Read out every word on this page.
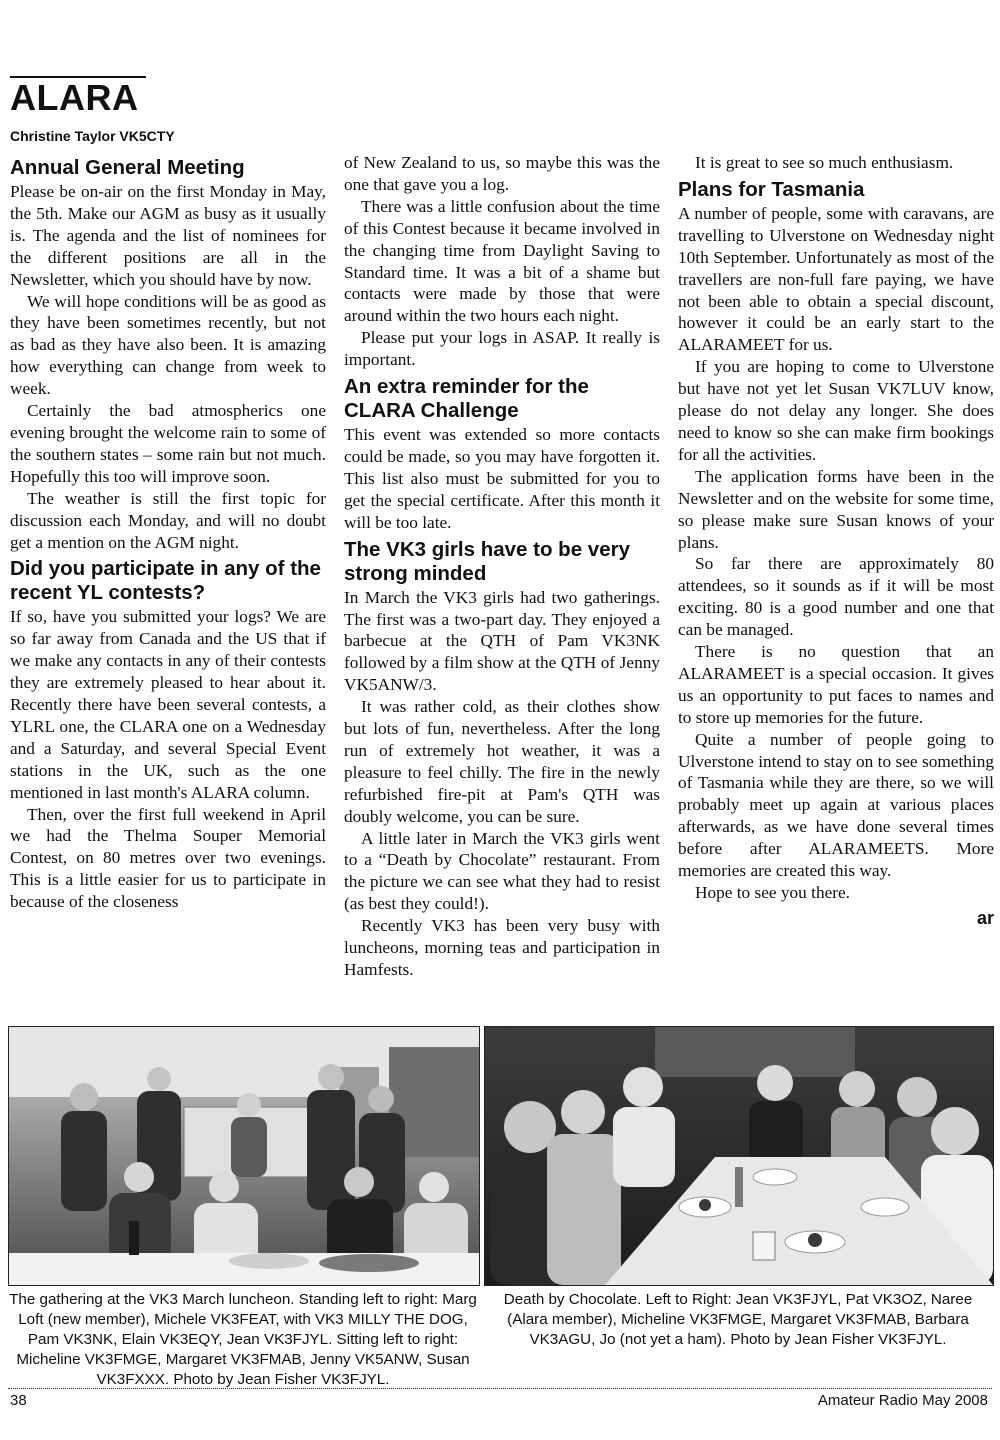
ALARA
Christine Taylor VK5CTY
Annual General Meeting

Please be on-air on the first Monday in May, the 5th. Make our AGM as busy as it usually is. The agenda and the list of nominees for the different positions are all in the Newsletter, which you should have by now.

We will hope conditions will be as good as they have been sometimes recently, but not as bad as they have also been. It is amazing how everything can change from week to week.

Certainly the bad atmospherics one evening brought the welcome rain to some of the southern states – some rain but not much. Hopefully this too will improve soon.

The weather is still the first topic for discussion each Monday, and will no doubt get a mention on the AGM night.

Did you participate in any of the recent YL contests?

If so, have you submitted your logs? We are so far away from Canada and the US that if we make any contacts in any of their contests they are extremely pleased to hear about it. Recently there have been several contests, a YLRL one, the CLARA one on a Wednesday and a Saturday, and several Special Event stations in the UK, such as the one mentioned in last month's ALARA column.

Then, over the first full weekend in April we had the Thelma Souper Memorial Contest, on 80 metres over two evenings. This is a little easier for us to participate in because of the closeness

of New Zealand to us, so maybe this was the one that gave you a log.

There was a little confusion about the time of this Contest because it became involved in the changing time from Daylight Saving to Standard time. It was a bit of a shame but contacts were made by those that were around within the two hours each night.

Please put your logs in ASAP. It really is important.

An extra reminder for the CLARA Challenge

This event was extended so more contacts could be made, so you may have forgotten it. This list also must be submitted for you to get the special certificate. After this month it will be too late.

The VK3 girls have to be very strong minded

In March the VK3 girls had two gatherings. The first was a two-part day. They enjoyed a barbecue at the QTH of Pam VK3NK followed by a film show at the QTH of Jenny VK5ANW/3.

It was rather cold, as their clothes show but lots of fun, nevertheless. After the long run of extremely hot weather, it was a pleasure to feel chilly. The fire in the newly refurbished fire-pit at Pam's QTH was doubly welcome, you can be sure.

A little later in March the VK3 girls went to a “Death by Chocolate” restaurant. From the picture we can see what they had to resist (as best they could!).

Recently VK3 has been very busy with luncheons, morning teas and participation in Hamfests.

It is great to see so much enthusiasm.

Plans for Tasmania

A number of people, some with caravans, are travelling to Ulverstone on Wednesday night 10th September. Unfortunately as most of the travellers are non-full fare paying, we have not been able to obtain a special discount, however it could be an early start to the ALARAMEET for us.

If you are hoping to come to Ulverstone but have not yet let Susan VK7LUV know, please do not delay any longer. She does need to know so she can make firm bookings for all the activities.

The application forms have been in the Newsletter and on the website for some time, so please make sure Susan knows of your plans.

So far there are approximately 80 attendees, so it sounds as if it will be most exciting. 80 is a good number and one that can be managed.

There is no question that an ALARAMEET is a special occasion. It gives us an opportunity to put faces to names and to store up memories for the future.

Quite a number of people going to Ulverstone intend to stay on to see something of Tasmania while they are there, so we will probably meet up again at various places afterwards, as we have done several times before after ALARAMEETS. More memories are created this way.

Hope to see you there.

ar
The gathering at the VK3 March luncheon. Standing left to right: Marg Loft (new member), Michele VK3FEAT, with VK3 MILLY THE DOG, Pam VK3NK, Elain VK3EQY, Jean VK3FJYL. Sitting left to right: Micheline VK3FMGE, Margaret VK3FMAB, Jenny VK5ANW, Susan VK3FXXX. Photo by Jean Fisher VK3FJYL.
Death by Chocolate. Left to Right: Jean VK3FJYL, Pat VK3OZ, Naree (Alara member), Micheline VK3FMGE, Margaret VK3FMAB, Barbara VK3AGU, Jo (not yet a ham). Photo by Jean Fisher VK3FJYL.
38	Amateur Radio May 2008
